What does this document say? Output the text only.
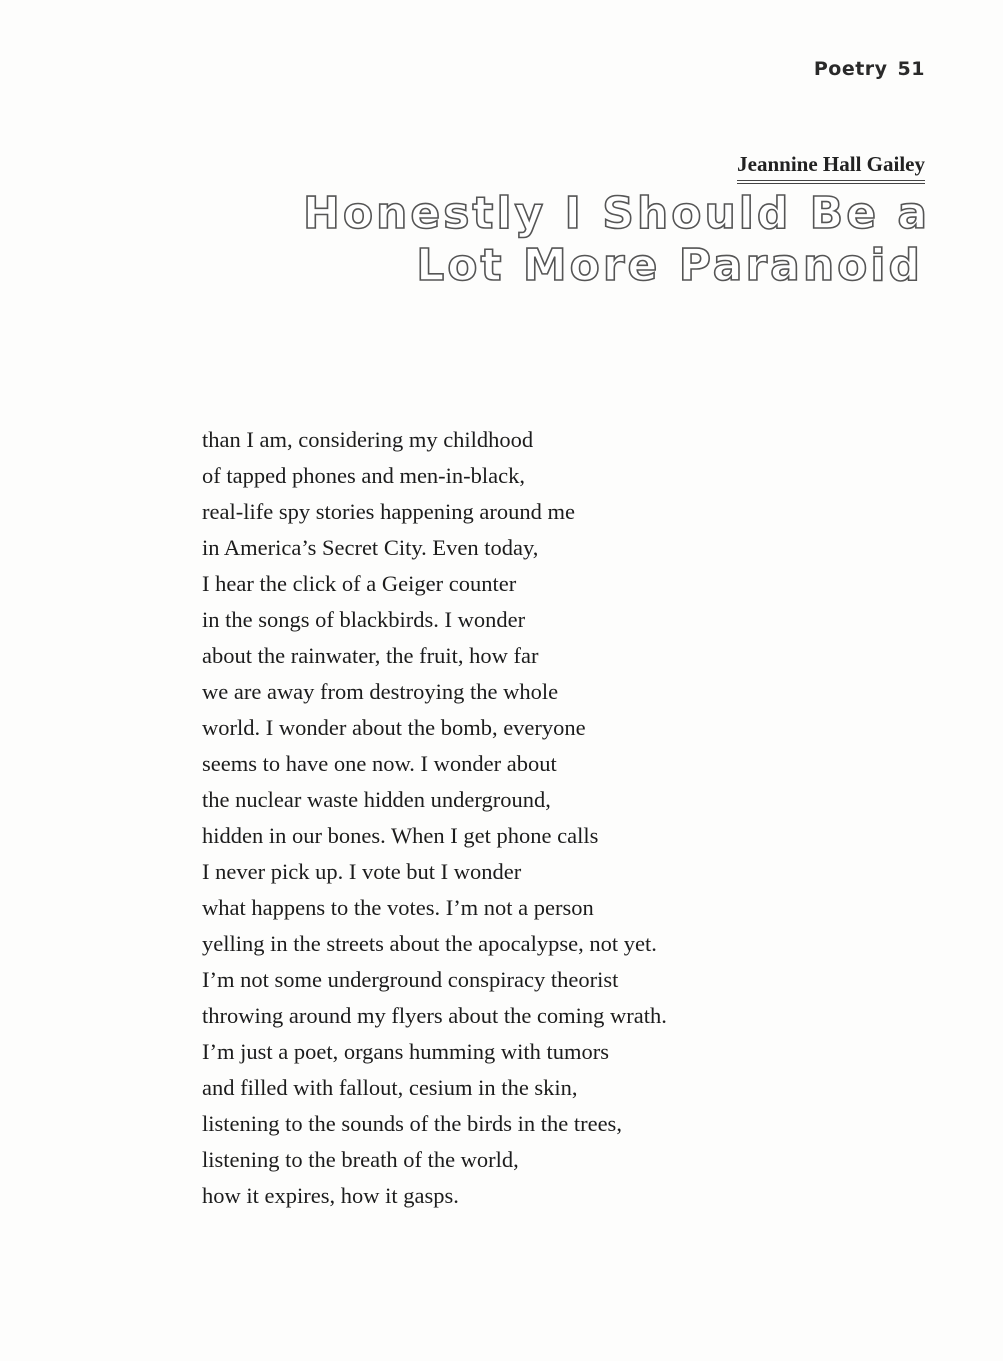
Poetry 51
Jeannine Hall Gailey
Honestly I Should Be a
Lot More Paranoid
than I am, considering my childhood
of tapped phones and men-in-black,
real-life spy stories happening around me
in America’s Secret City. Even today,
I hear the click of a Geiger counter
in the songs of blackbirds. I wonder
about the rainwater, the fruit, how far
we are away from destroying the whole
world. I wonder about the bomb, everyone
seems to have one now. I wonder about
the nuclear waste hidden underground,
hidden in our bones. When I get phone calls
I never pick up. I vote but I wonder
what happens to the votes. I’m not a person
yelling in the streets about the apocalypse, not yet.
I’m not some underground conspiracy theorist
throwing around my flyers about the coming wrath.
I’m just a poet, organs humming with tumors
and filled with fallout, cesium in the skin,
listening to the sounds of the birds in the trees,
listening to the breath of the world,
how it expires, how it gasps.
